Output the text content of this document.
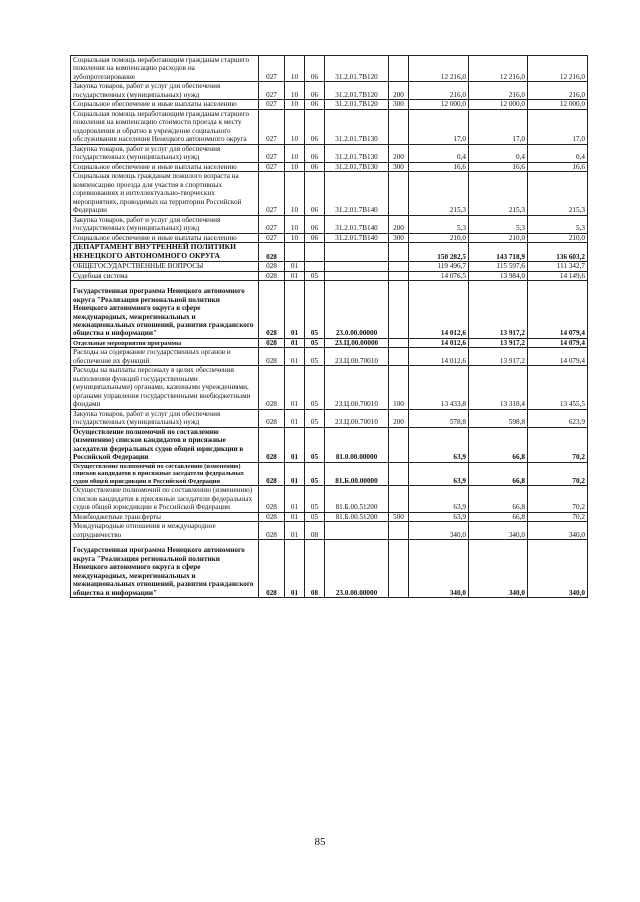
Социальная помощь неработающим гражданам старшего поколения на компенсацию расходов на зубопротезирование	027	10	06	31.2.01.7В120		12 216,0	12 216,0	12 216,0
Закупка товаров, работ и услуг для обеспечения государственных (муниципальных) нужд	027	10	06	31.2.01.7В120	200	216,0	216,0	216,0
Социальное обеспечение и иные выплаты населению	027	10	06	31.2.01.7В120	300	12 000,0	12 000,0	12 000,0
Социальная помощь неработающим гражданам старшего поколения на компенсацию стоимости проезда к месту оздоровления и обратно в учреждение социального обслуживания населения Ненецкого автономного округа	027	10	06	31.2.01.7В130		17,0	17,0	17,0
Закупка товаров, работ и услуг для обеспечения государственных (муниципальных) нужд	027	10	06	31.2.01.7В130	200	0,4	0,4	0,4
Социальное обеспечение и иные выплаты населению	027	10	06	31.2.01.7В130	300	16,6	16,6	16,6
Социальная помощь гражданам пожилого возраста на компенсацию проезда для участия в спортивных соревнованиях и интеллектуально-творческих мероприятиях, проводимых на территории Российской Федерации	027	10	06	31.2.01.7В140		215,3	215,3	215,3
Закупка товаров, работ и услуг для обеспечения государственных (муниципальных) нужд	027	10	06	31.2.01.7В140	200	5,3	5,3	5,3
Социальное обеспечение и иные выплаты населению	027	10	06	31.2.01.7В140	300	210,0	210,0	210,0
ДЕПАРТАМЕНТ ВНУТРЕННЕЙ ПОЛИТИКИ НЕНЕЦКОГО АВТОНОМНОГО ОКРУГА	028					150 282,5	143 718,9	136 603,2
ОБЩЕГОСУДАРСТВЕННЫЕ ВОПРОСЫ	028	01				119 496,7	115 597,6	111 342,7
Судебная система	028	01	05			14 076,5	13 984,0	14 149,6
Государственная программа Ненецкого автономного округа "Реализация региональной политики Ненецкого автономного округа в сфере международных, межрегиональных и межнациональных отношений, развития гражданского общества и информации"	028	01	05	23.0.00.00000		14 012,6	13 917,2	14 079,4
Отдельные мероприятия программы	028	01	05	23.Ц.00.00000		14 012,6	13 917,2	14 079,4
Расходы на содержание государственных органов и обеспечение их функций	028	01	05	23.Ц.00.70010		14 012,6	13 917,2	14 079,4
Расходы на выплаты персоналу в целях обеспечения выполнения функций государственными (муниципальными) органами, казенными учреждениями, органами управления государственными внебюджетными фондами	028	01	05	23.Ц.00.70010	100	13 433,8	13 318,4	13 455,5
Закупка товаров, работ и услуг для обеспечения государственных (муниципальных) нужд	028	01	05	23.Ц.00.70010	200	578,8	598,8	623,9
Осуществление полномочий по составлению (изменению) списков кандидатов в присяжные заседатели федеральных судов общей юрисдикции в Российской Федерации	028	01	05	81.0.00.00000		63,9	66,8	70,2
Осуществление полномочий по составлению (изменению) списков кандидатов в присяжные заседатели федеральных судов общей юрисдикции в Российской Федерации	028	01	05	81.Б.00.00000		63,9	66,8	70,2
Осуществление полномочий по составлению (изменению) списков кандидатов в присяжные заседатели федеральных судов общей юрисдикции в Российской Федерации	028	01	05	81.Б.00.51200		63,9	66,8	70,2
Межбюджетные трансферты	028	01	05	81.Б.00.51200	500	63,9	66,8	70,2
Международные отношения и международное сотрудничество	028	01	08			340,0	340,0	340,0
Государственная программа Ненецкого автономного округа "Реализация региональной политики Ненецкого автономного округа в сфере международных, межрегиональных и межнациональных отношений, развития гражданского общества и информации"	028	01	08	23.0.00.00000		340,0	340,0	340,0
85
